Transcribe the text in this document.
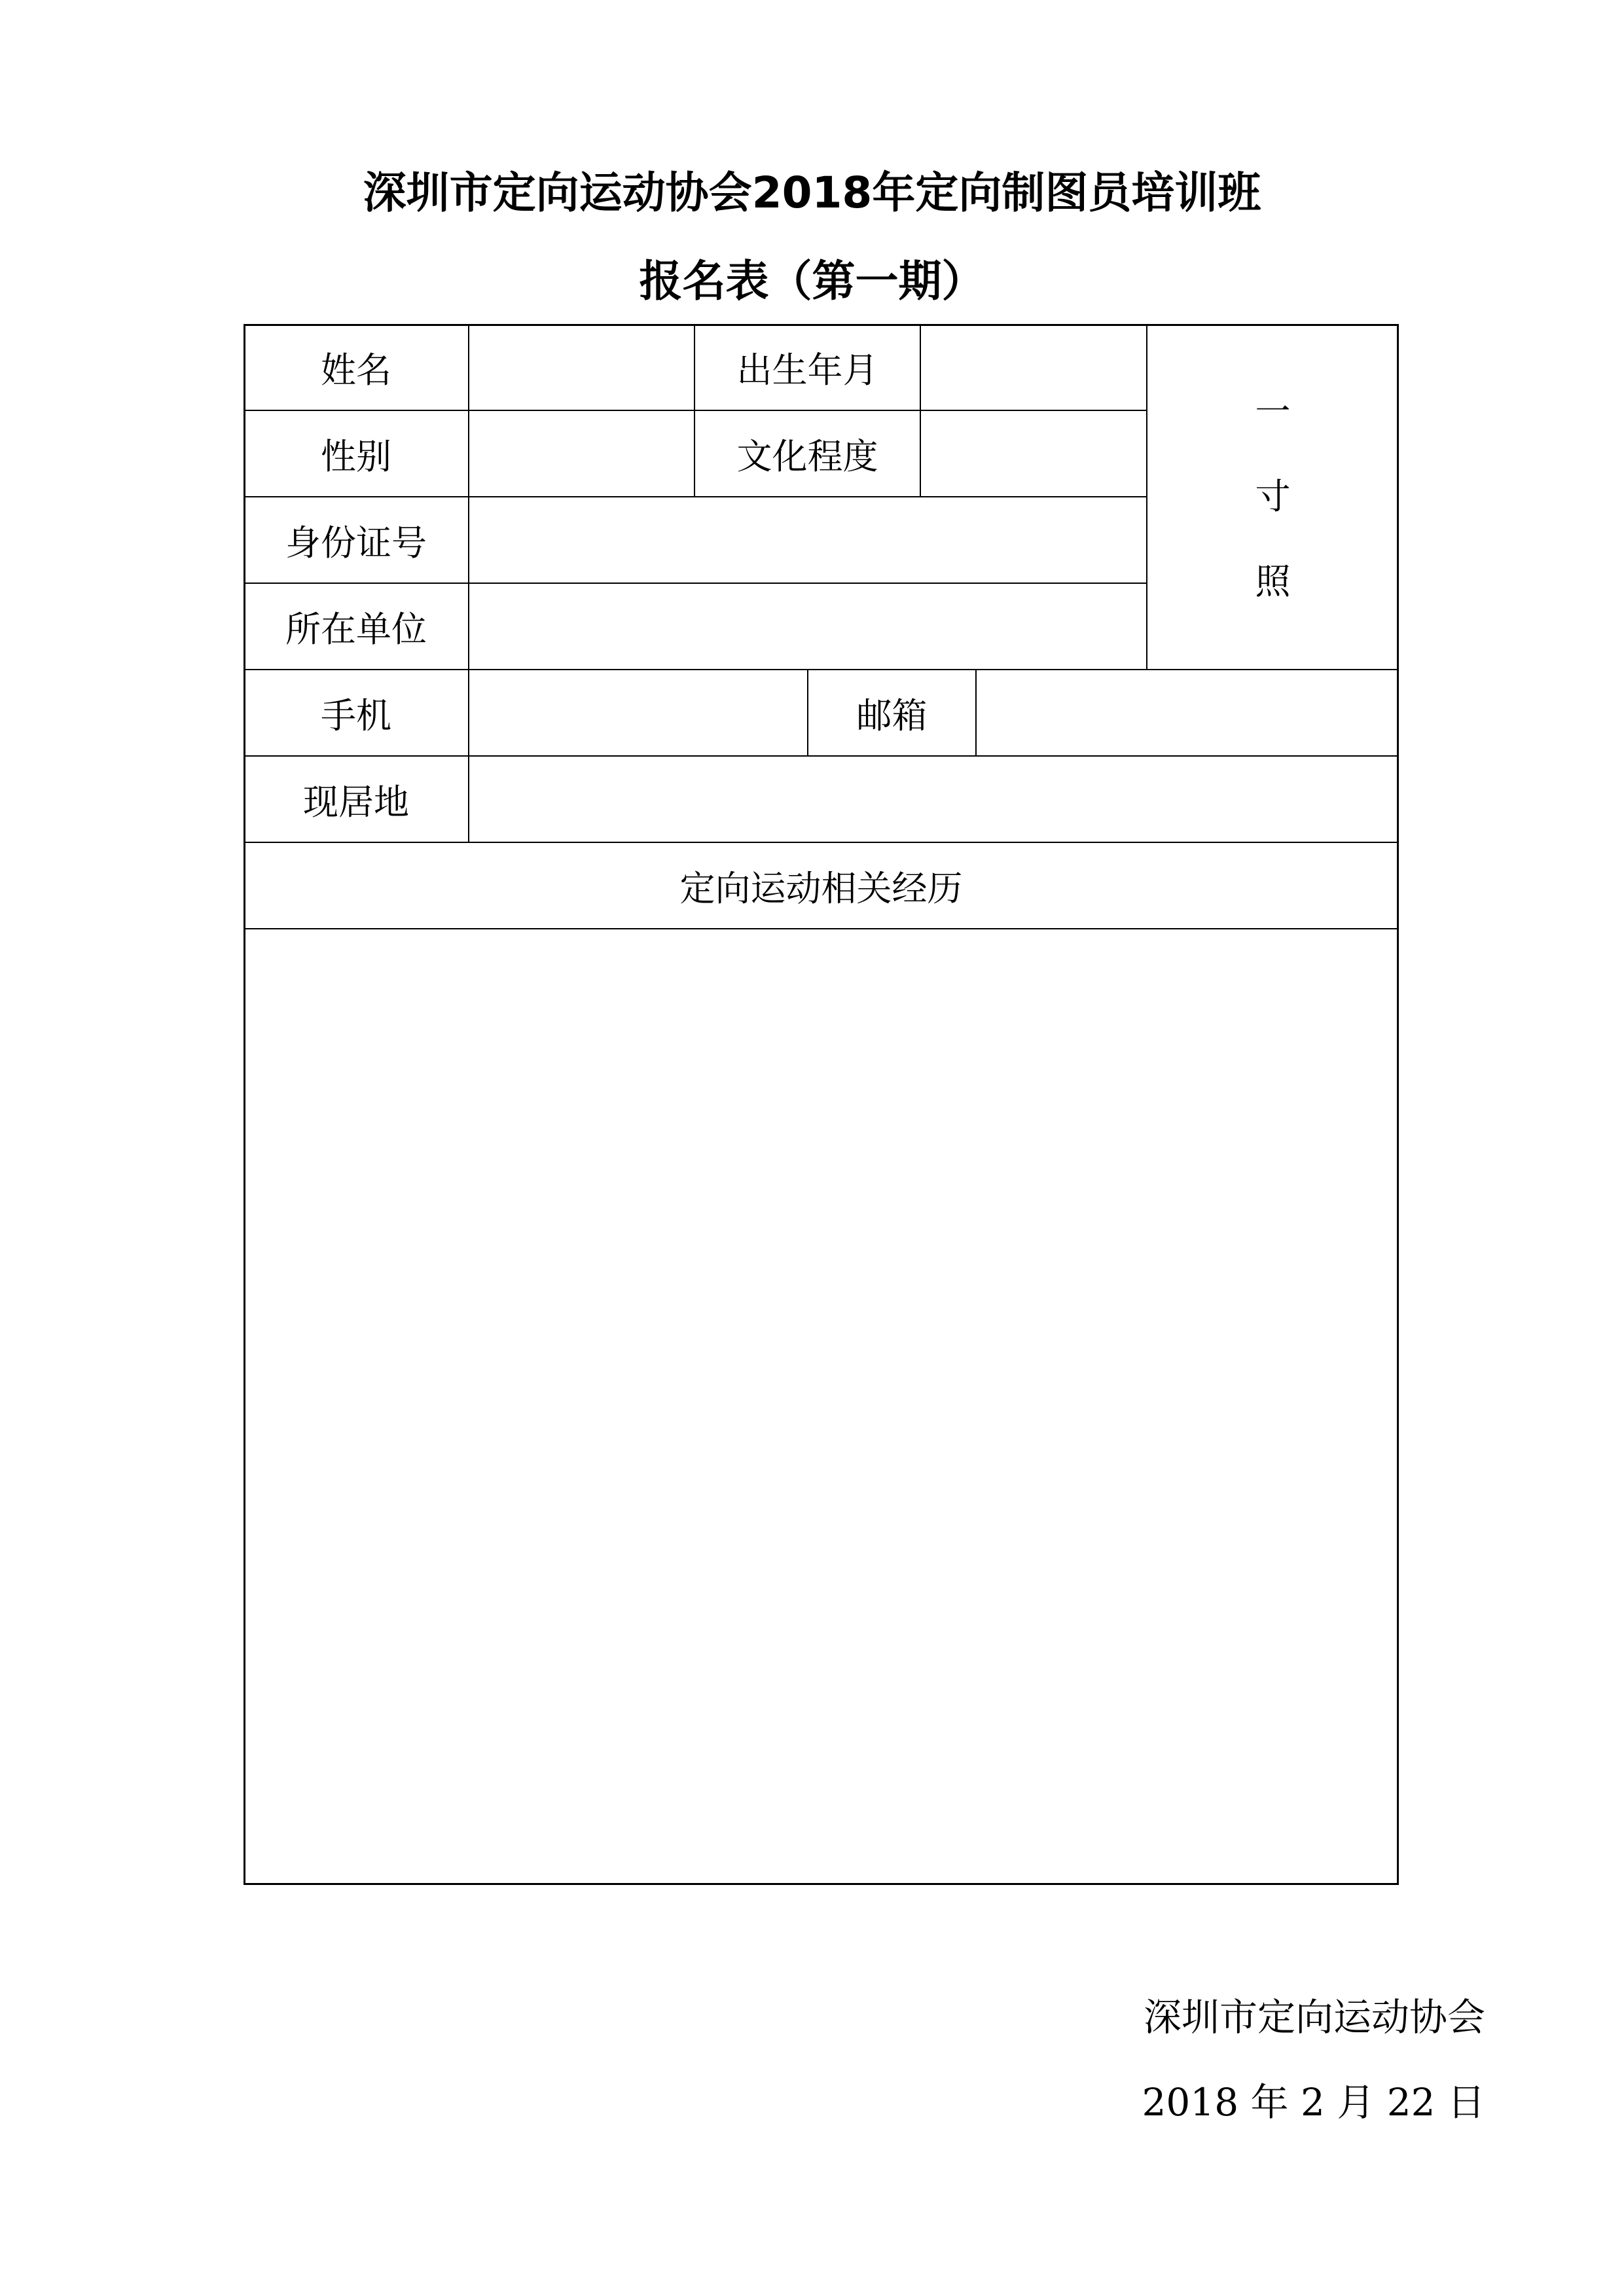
深圳市定向运动协会2018年定向制图员培训班
报名表（第一期）
姓名	出生年月
性别	文化程度
身份证号
所在单位
一
寸
照
手机	邮箱
现居地
定向运动相关经历
深圳市定向运动协会
2018 年 2 月 22 日
